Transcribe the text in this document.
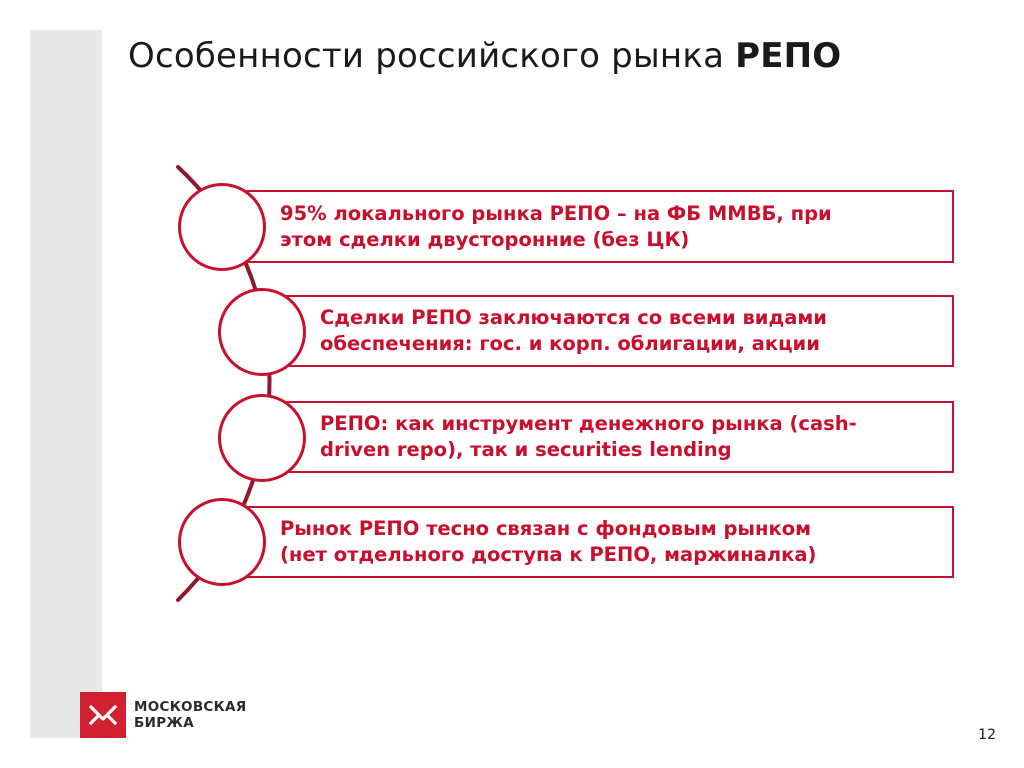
Особенности российского рынка РЕПО
95% локального рынка РЕПО – на ФБ ММВБ, при
этом сделки двусторонние (без ЦК)
Сделки РЕПО заключаются со всеми видами
обеспечения: гос. и корп. облигации, акции
РЕПО: как инструмент денежного рынка (cash-
driven repo), так и securities lending
Рынок РЕПО тесно связан с фондовым рынком
(нет отдельного доступа к РЕПО, маржиналка)
МОСКОВСКАЯ
БИРЖА
12
